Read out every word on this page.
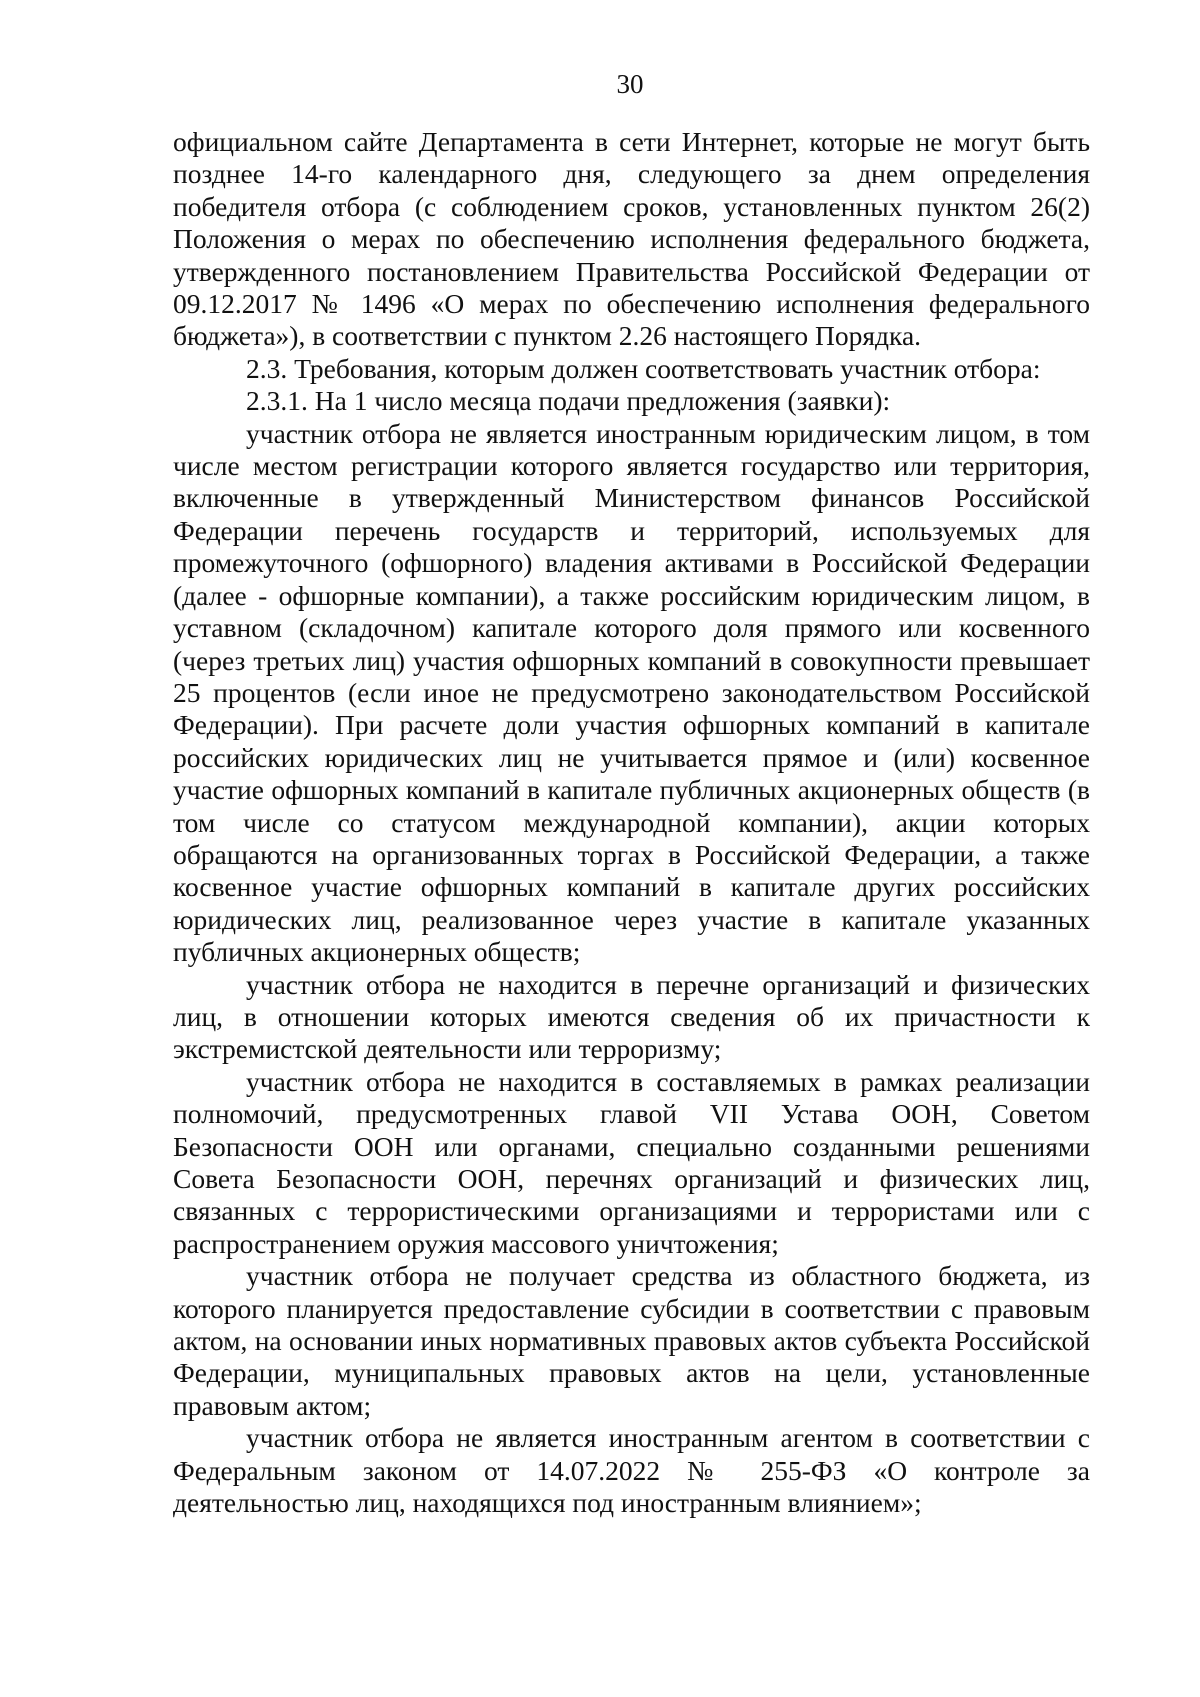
30

официальном сайте Департамента в сети Интернет, которые не могут быть позднее 14-го календарного дня, следующего за днем определения победителя отбора (с соблюдением сроков, установленных пунктом 26(2) Положения о мерах по обеспечению исполнения федерального бюджета, утвержденного постановлением Правительства Российской Федерации от 09.12.2017 № 1496 «О мерах по обеспечению исполнения федерального бюджета»), в соответствии с пунктом 2.26 настоящего Порядка.

2.3. Требования, которым должен соответствовать участник отбора:

2.3.1. На 1 число месяца подачи предложения (заявки):

участник отбора не является иностранным юридическим лицом, в том числе местом регистрации которого является государство или территория, включенные в утвержденный Министерством финансов Российской Федерации перечень государств и территорий, используемых для промежуточного (офшорного) владения активами в Российской Федерации (далее - офшорные компании), а также российским юридическим лицом, в уставном (складочном) капитале которого доля прямого или косвенного (через третьих лиц) участия офшорных компаний в совокупности превышает 25 процентов (если иное не предусмотрено законодательством Российской Федерации). При расчете доли участия офшорных компаний в капитале российских юридических лиц не учитывается прямое и (или) косвенное участие офшорных компаний в капитале публичных акционерных обществ (в том числе со статусом международной компании), акции которых обращаются на организованных торгах в Российской Федерации, а также косвенное участие офшорных компаний в капитале других российских юридических лиц, реализованное через участие в капитале указанных публичных акционерных обществ;

участник отбора не находится в перечне организаций и физических лиц, в отношении которых имеются сведения об их причастности к экстремистской деятельности или терроризму;

участник отбора не находится в составляемых в рамках реализации полномочий, предусмотренных главой VII Устава ООН, Советом Безопасности ООН или органами, специально созданными решениями Совета Безопасности ООН, перечнях организаций и физических лиц, связанных с террористическими организациями и террористами или с распространением оружия массового уничтожения;

участник отбора не получает средства из областного бюджета, из которого планируется предоставление субсидии в соответствии с правовым актом, на основании иных нормативных правовых актов субъекта Российской Федерации, муниципальных правовых актов на цели, установленные правовым актом;

участник отбора не является иностранным агентом в соответствии с Федеральным законом от 14.07.2022 № 255-ФЗ «О контроле за деятельностью лиц, находящихся под иностранным влиянием»;
